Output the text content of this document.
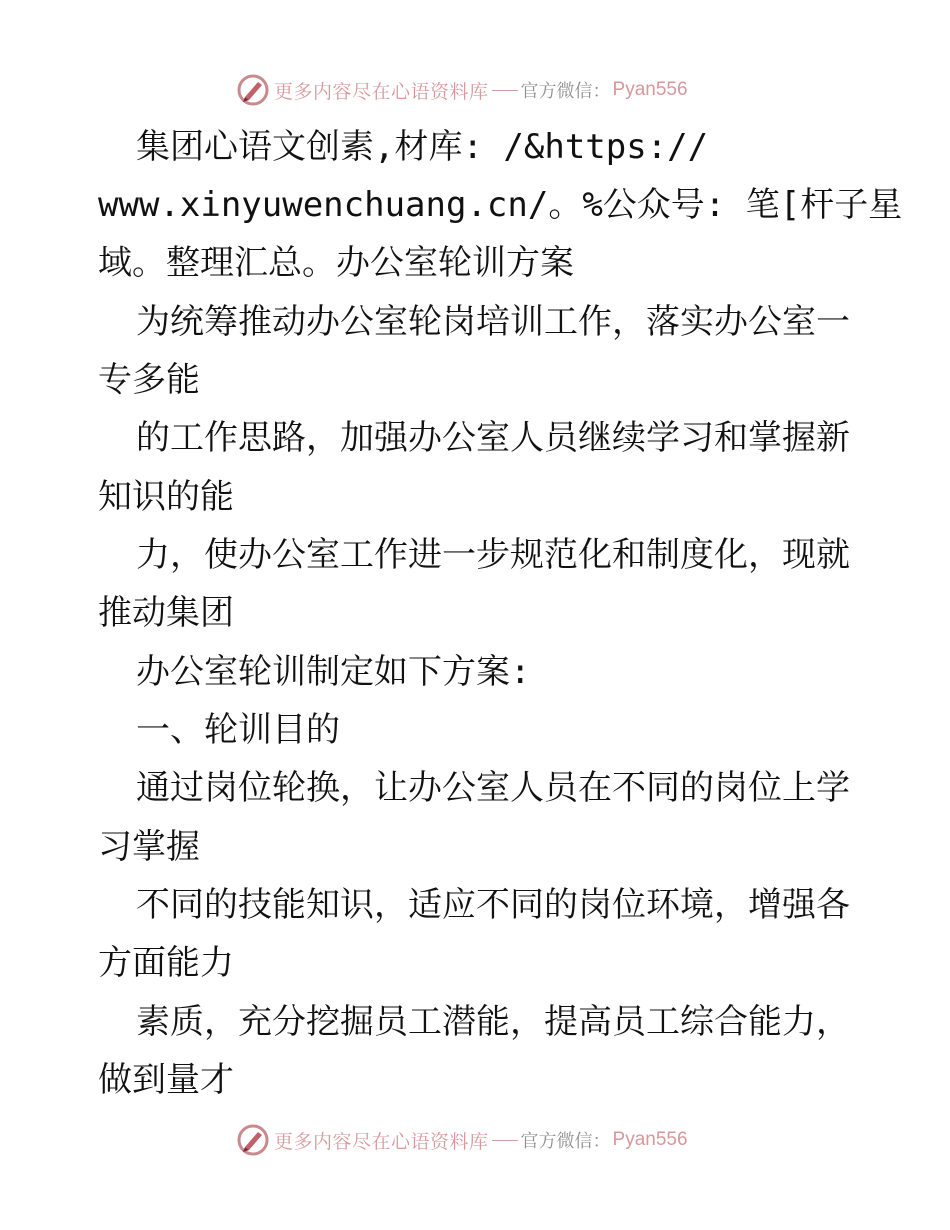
更多内容尽在心语资料库 官方微信： Pyan556
集团心语文创素,材库: /&https://
www.xinyuwenchuang.cn/。%公众号: 笔[杆子星
域。整理汇总。办公室轮训方案
为统筹推动办公室轮岗培训工作，落实办公室一
专多能
的工作思路，加强办公室人员继续学习和掌握新
知识的能
力，使办公室工作进一步规范化和制度化，现就
推动集团
办公室轮训制定如下方案:
一、轮训目的
通过岗位轮换，让办公室人员在不同的岗位上学
习掌握
不同的技能知识，适应不同的岗位环境，增强各
方面能力
素质，充分挖掘员工潜能，提高员工综合能力，
做到量才
更多内容尽在心语资料库 官方微信： Pyan556
